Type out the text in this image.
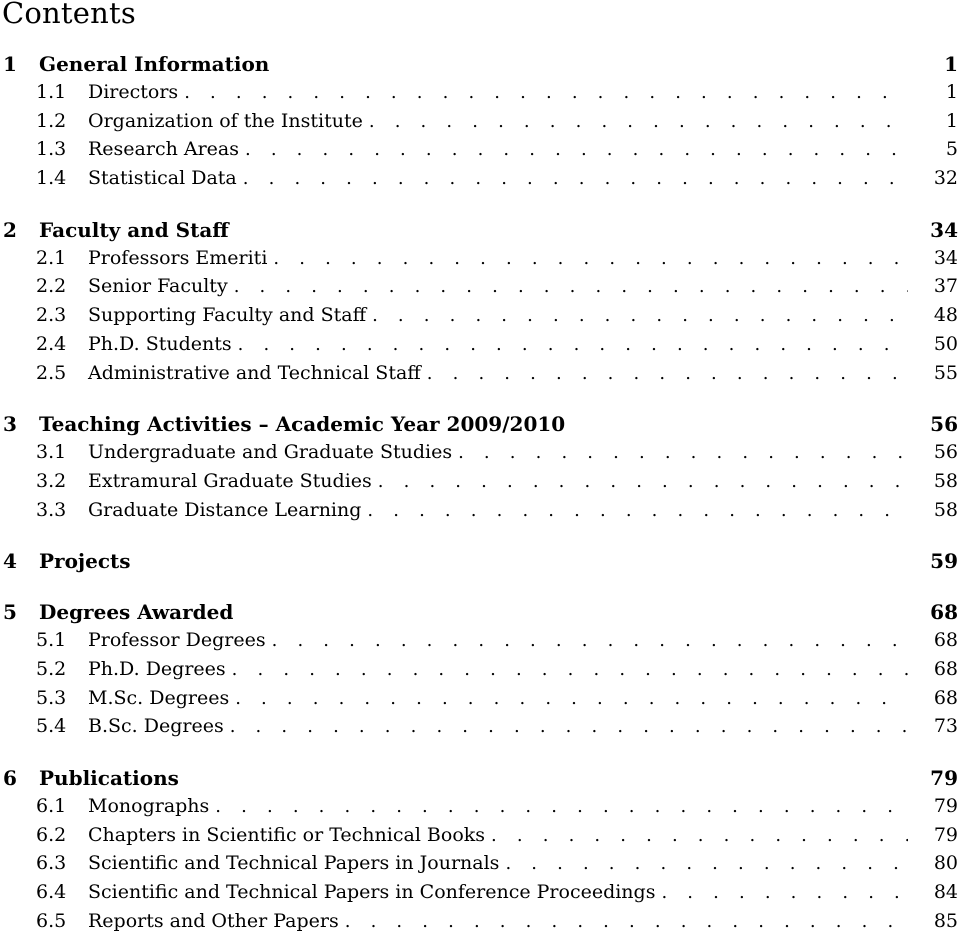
Contents
1	General Information	1
1.1	Directors . . .	1
1.2	Organization of the Institute . . .	1
1.3	Research Areas . . .	5
1.4	Statistical Data . . .	32
2	Faculty and Staff	34
2.1	Professors Emeriti . . .	34
2.2	Senior Faculty . . .	37
2.3	Supporting Faculty and Staff . . .	48
2.4	Ph.D. Students . . .	50
2.5	Administrative and Technical Staff . . .	55
3	Teaching Activities – Academic Year 2009/2010	56
3.1	Undergraduate and Graduate Studies . . .	56
3.2	Extramural Graduate Studies . . .	58
3.3	Graduate Distance Learning . . .	58
4	Projects	59
5	Degrees Awarded	68
5.1	Professor Degrees . . .	68
5.2	Ph.D. Degrees . . .	68
5.3	M.Sc. Degrees . . .	68
5.4	B.Sc. Degrees . . .	73
6	Publications	79
6.1	Monographs . . .	79
6.2	Chapters in Scientific or Technical Books . . .	79
6.3	Scientific and Technical Papers in Journals . . .	80
6.4	Scientific and Technical Papers in Conference Proceedings . . .	84
6.5	Reports and Other Papers . . .	85
